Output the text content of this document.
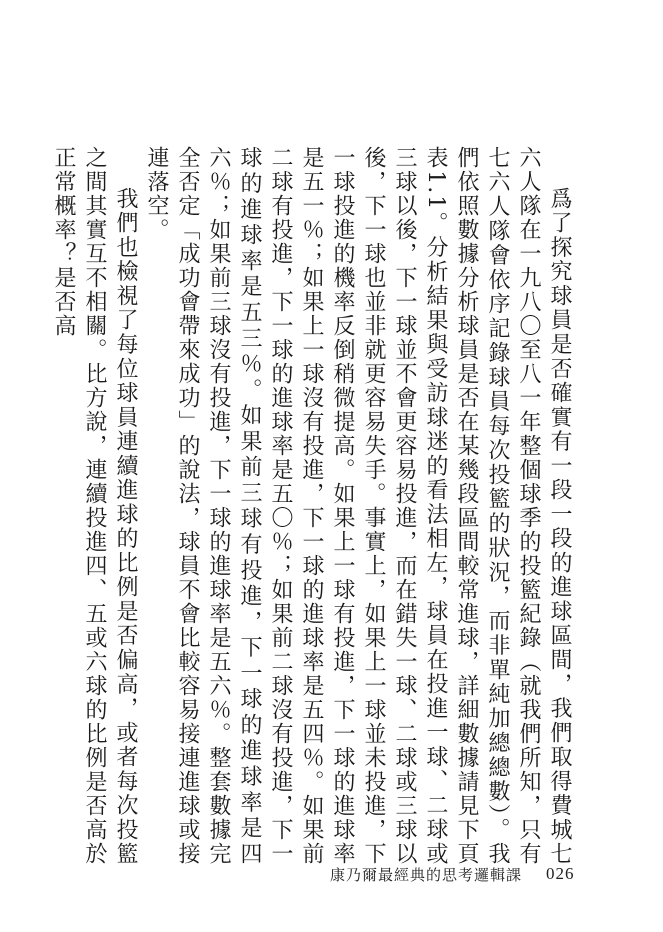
爲了探究球員是否確實有一段一段的進球區間，我們取得費城七六人隊在一九八〇至八一年整個球季的投籃紀錄（就我們所知，只有七六人隊會依序記錄球員每次投籃的狀況，而非單純加總總數）。我們依照數據分析球員是否在某幾段區間較常進球，詳細數據請見下頁表1.1。分析結果與受訪球迷的看法相左，球員在投進一球、二球或三球以後，下一球並不會更容易投進，而在錯失一球、二球或三球以後，下一球也並非就更容易失手。事實上，如果上一球並未投進，下一球投進的機率反倒稍微提高。如果上一球有投進，下一球的進球率是五一％；如果上一球沒有投進，下一球的進球率是五四％。如果前二球有投進，下一球的進球率是五〇％；如果前二球沒有投進，下一球的進球率是五三％。如果前三球有投進，下一球的進球率是四六％；如果前三球沒有投進，下一球的進球率是五六％。整套數據完全否定「成功會帶來成功」的說法，球員不會比較容易接連進球或接連落空。

我們也檢視了每位球員連續進球的比例是否偏高，或者每次投籃之間其實互不相關。比方說，連續投進四、五或六球的比例是否高於正常概率？是否高

康乃爾最經典的思考邏輯課 026
